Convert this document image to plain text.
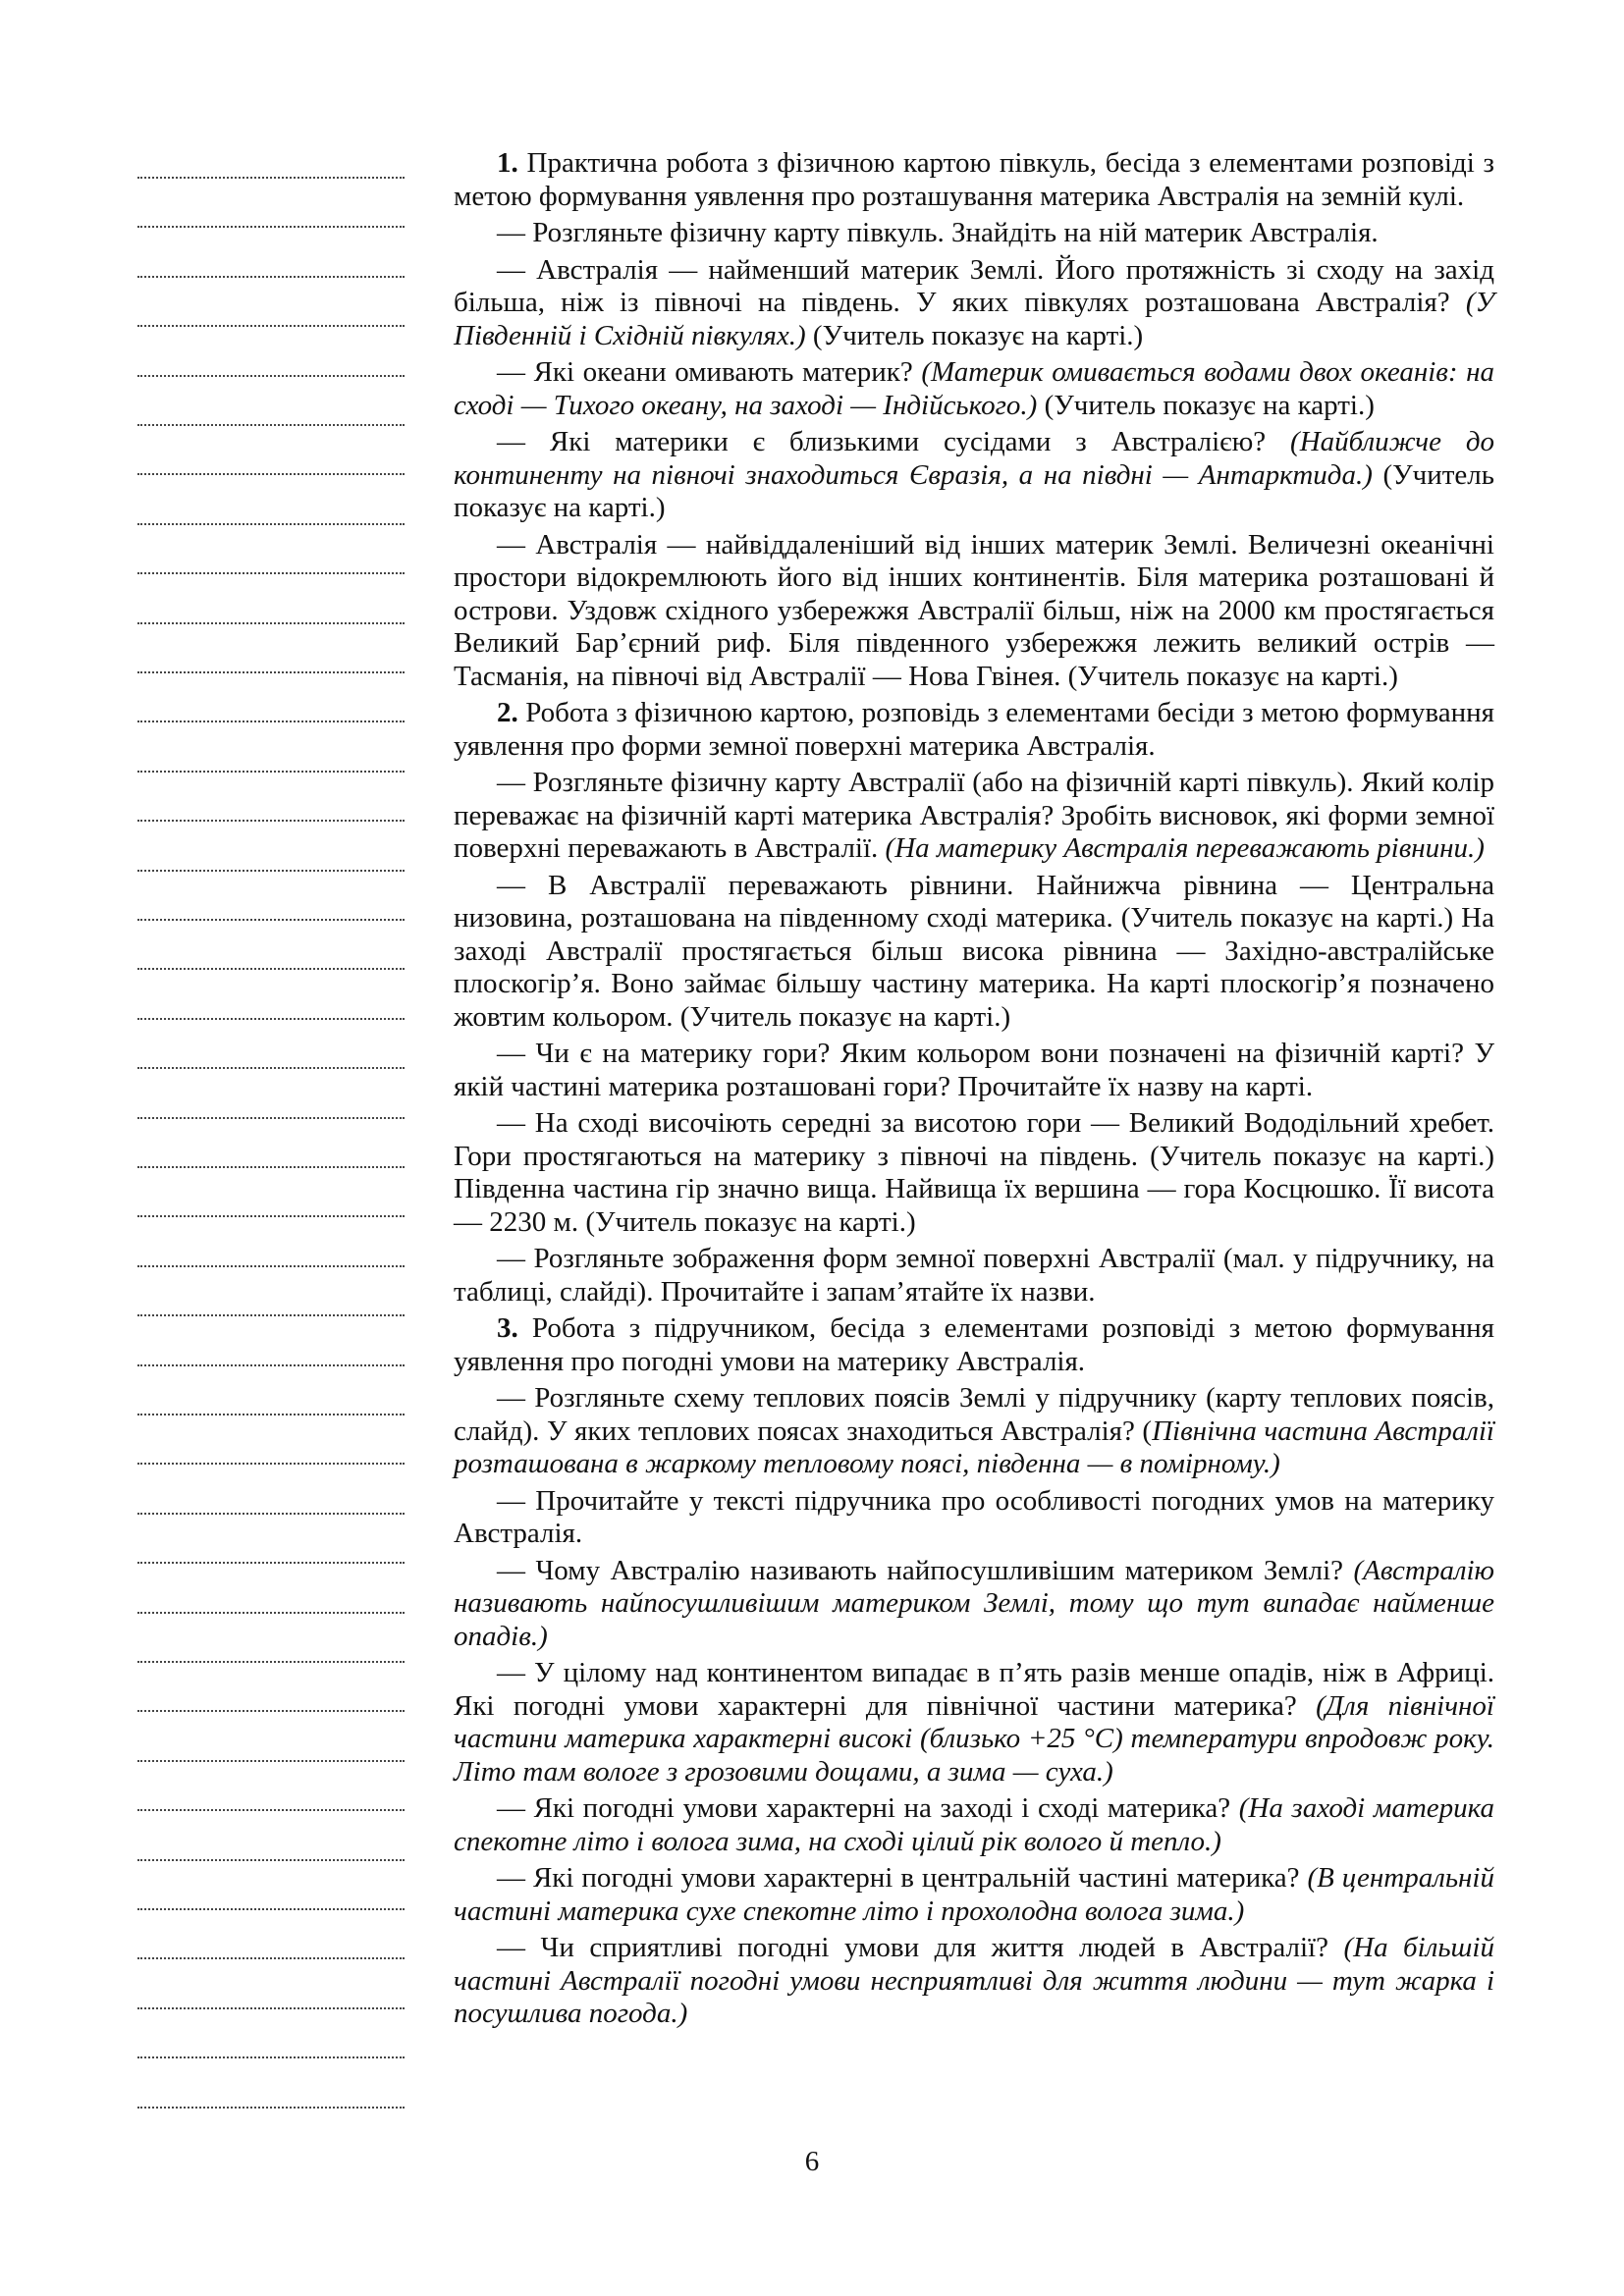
1. Практична робота з фізичною картою півкуль, бесіда з елементами розповіді з метою формування уявлення про розташування материка Австралія на земній кулі.

— Розгляньте фізичну карту півкуль. Знайдіть на ній материк Австралія.

— Австралія — найменший материк Землі. Його протяжність зі сходу на захід більша, ніж із півночі на південь. У яких півкулях розташована Австралія? (У Південній і Східній півкулях.) (Учитель показує на карті.)

— Які океани омивають материк? (Материк омивається водами двох океанів: на сході — Тихого океану, на заході — Індійського.) (Учитель показує на карті.)

— Які материки є близькими сусідами з Австралією? (Найближче до континенту на півночі знаходиться Євразія, а на півдні — Антарктида.) (Учитель показує на карті.)

— Австралія — найвіддаленіший від інших материк Землі. Величезні океанічні простори відокремлюють його від інших континентів. Біля материка розташовані й острови. Уздовж східного узбережжя Австралії більш, ніж на 2000 км простягається Великий Бар’єрний риф. Біля південного узбережжя лежить великий острів — Тасманія, на півночі від Австралії — Нова Гвінея. (Учитель показує на карті.)

2. Робота з фізичною картою, розповідь з елементами бесіди з метою формування уявлення про форми земної поверхні материка Австралія.

— Розгляньте фізичну карту Австралії (або на фізичній карті півкуль). Який колір переважає на фізичній карті материка Австралія? Зробіть висновок, які форми земної поверхні переважають в Австралії. (На материку Австралія переважають рівнини.)

— В Австралії переважають рівнини. Найнижча рівнина — Центральна низовина, розташована на південному сході материка. (Учитель показує на карті.) На заході Австралії простягається більш висока рівнина — Західно-австралійське плоскогір’я. Воно займає більшу частину материка. На карті плоскогір’я позначено жовтим кольором. (Учитель показує на карті.)

— Чи є на материку гори? Яким кольором вони позначені на фізичній карті? У якій частині материка розташовані гори? Прочитайте їх назву на карті.

— На сході височіють середні за висотою гори — Великий Вододільний хребет. Гори простягаються на материку з півночі на південь. (Учитель показує на карті.) Південна частина гір значно вища. Найвища їх вершина — гора Косцюшко. Її висота — 2230 м. (Учитель показує на карті.)

— Розгляньте зображення форм земної поверхні Австралії (мал. у підручнику, на таблиці, слайді). Прочитайте і запам’ятайте їх назви.

3. Робота з підручником, бесіда з елементами розповіді з метою формування уявлення про погодні умови на материку Австралія.

— Розгляньте схему теплових поясів Землі у підручнику (карту теплових поясів, слайд). У яких теплових поясах знаходиться Австралія? (Північна частина Австралії розташована в жаркому тепловому поясі, південна — в помірному.)

— Прочитайте у тексті підручника про особливості погодних умов на материку Австралія.

— Чому Австралію називають найпосушливішим материком Землі? (Австралію називають найпосушливішим материком Землі, тому що тут випадає найменше опадів.)

— У цілому над континентом випадає в п’ять разів менше опадів, ніж в Африці. Які погодні умови характерні для північної частини материка? (Для північної частини материка характерні високі (близько +25 °С) температури впродовж року. Літо там вологе з грозовими дощами, а зима — суха.)

— Які погодні умови характерні на заході і сході материка? (На заході материка спекотне літо і волога зима, на сході цілий рік волого й тепло.)

— Які погодні умови характерні в центральній частині материка? (В центральній частині материка сухе спекотне літо і прохолодна волога зима.)

— Чи сприятливі погодні умови для життя людей в Австралії? (На більшій частині Австралії погодні умови несприятливі для життя людини — тут жарка і посушлива погода.)

6
